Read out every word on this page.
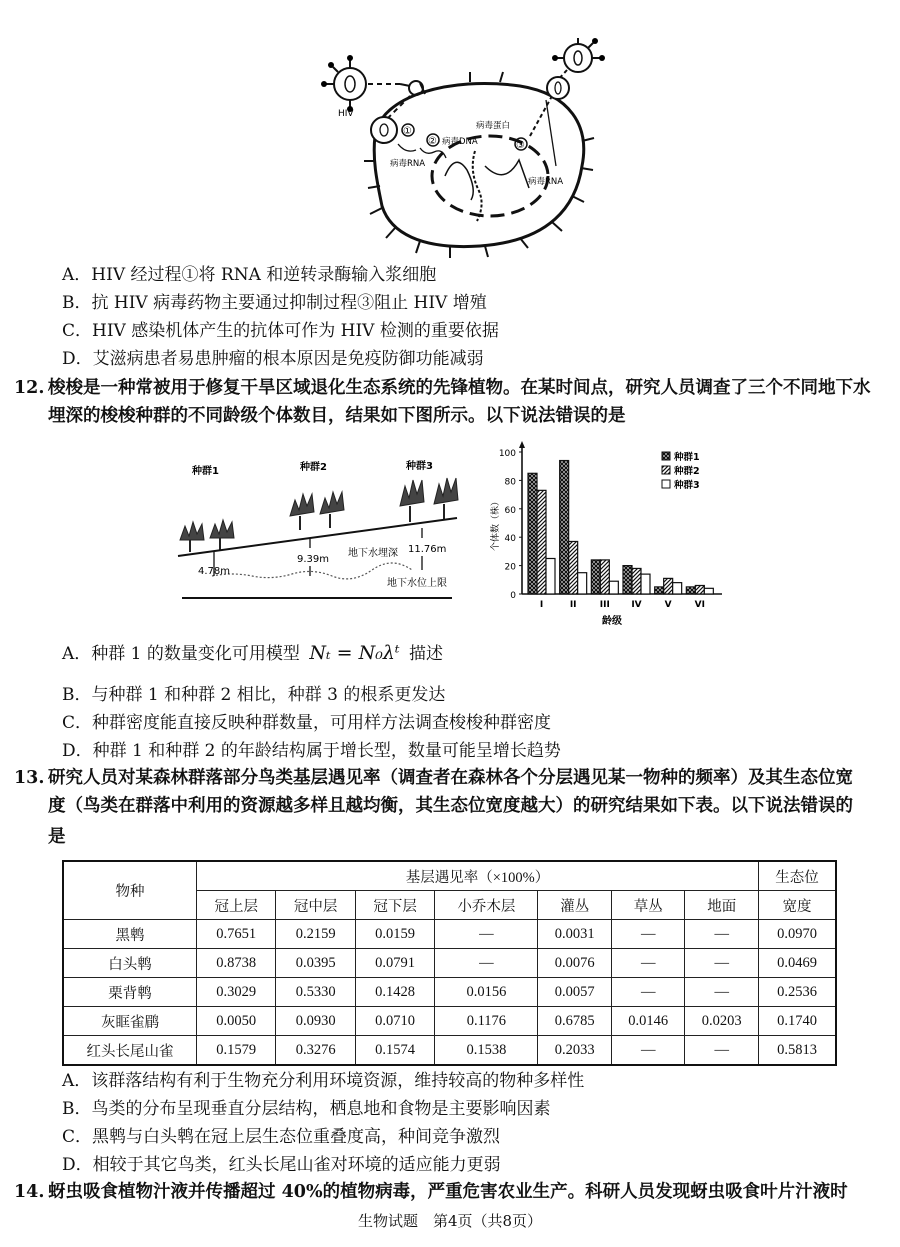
HIV
①
病毒RNA
② 病毒DNA	③
病毒蛋白
病毒RNA
A．HIV 经过程①将 RNA 和逆转录酶输入浆细胞
B．抗 HIV 病毒药物主要通过抑制过程③阻止 HIV 增殖
C．HIV 感染机体产生的抗体可作为 HIV 检测的重要依据
D．艾滋病患者易患肿瘤的根本原因是免疫防御功能减弱
12. 梭梭是一种常被用于修复干旱区域退化生态系统的先锋植物。在某时间点，研究人员调查了三个不同地下水
埋深的梭梭种群的不同龄级个体数目，结果如下图所示。以下说法错误的是
种群1	种群2	种群3
4.78m
9.39m
地下水埋深 11.76m
地下水位上限
0
20
40
60
80
100
个体数（株）
龄级
I	II	III IV	V	VI
种群1
种群2
种群3
A．种群 1 的数量变化可用模型 Nₜ = N₀λᵗ 描述
B．与种群 1 和种群 2 相比，种群 3 的根系更发达
C．种群密度能直接反映种群数量，可用样方法调查梭梭种群密度
D．种群 1 和种群 2 的年龄结构属于增长型，数量可能呈增长趋势
13. 研究人员对某森林群落部分鸟类基层遇见率（调查者在森林各个分层遇见某一物种的频率）及其生态位宽
度（鸟类在群落中利用的资源越多样且越均衡，其生态位宽度越大）的研究结果如下表。以下说法错误的
是
物种	基层遇见率（×100%）							生态位
	冠上层	冠中层	冠下层	小乔木层	灌丛	草丛	地面	宽度
黑鹎	0.7651	0.2159	0.0159	—	0.0031	—	—	0.0970
白头鹎	0.8738	0.0395	0.0791	—	0.0076	—	—	0.0469
栗背鹎	0.3029	0.5330	0.1428	0.0156	0.0057	—	—	0.2536
灰眶雀鹛	0.0050	0.0930	0.0710	0.1176	0.6785	0.0146	0.0203	0.1740
红头长尾山雀	0.1579	0.3276	0.1574	0.1538	0.2033	—	—	0.5813
A．该群落结构有利于生物充分利用环境资源，维持较高的物种多样性
B．鸟类的分布呈现垂直分层结构，栖息地和食物是主要影响因素
C．黑鹎与白头鹎在冠上层生态位重叠度高，种间竞争激烈
D．相较于其它鸟类，红头长尾山雀对环境的适应能力更弱
14. 蚜虫吸食植物汁液并传播超过 40%的植物病毒，严重危害农业生产。科研人员发现蚜虫吸食叶片汁液时
生物试题　第4页（共8页）
